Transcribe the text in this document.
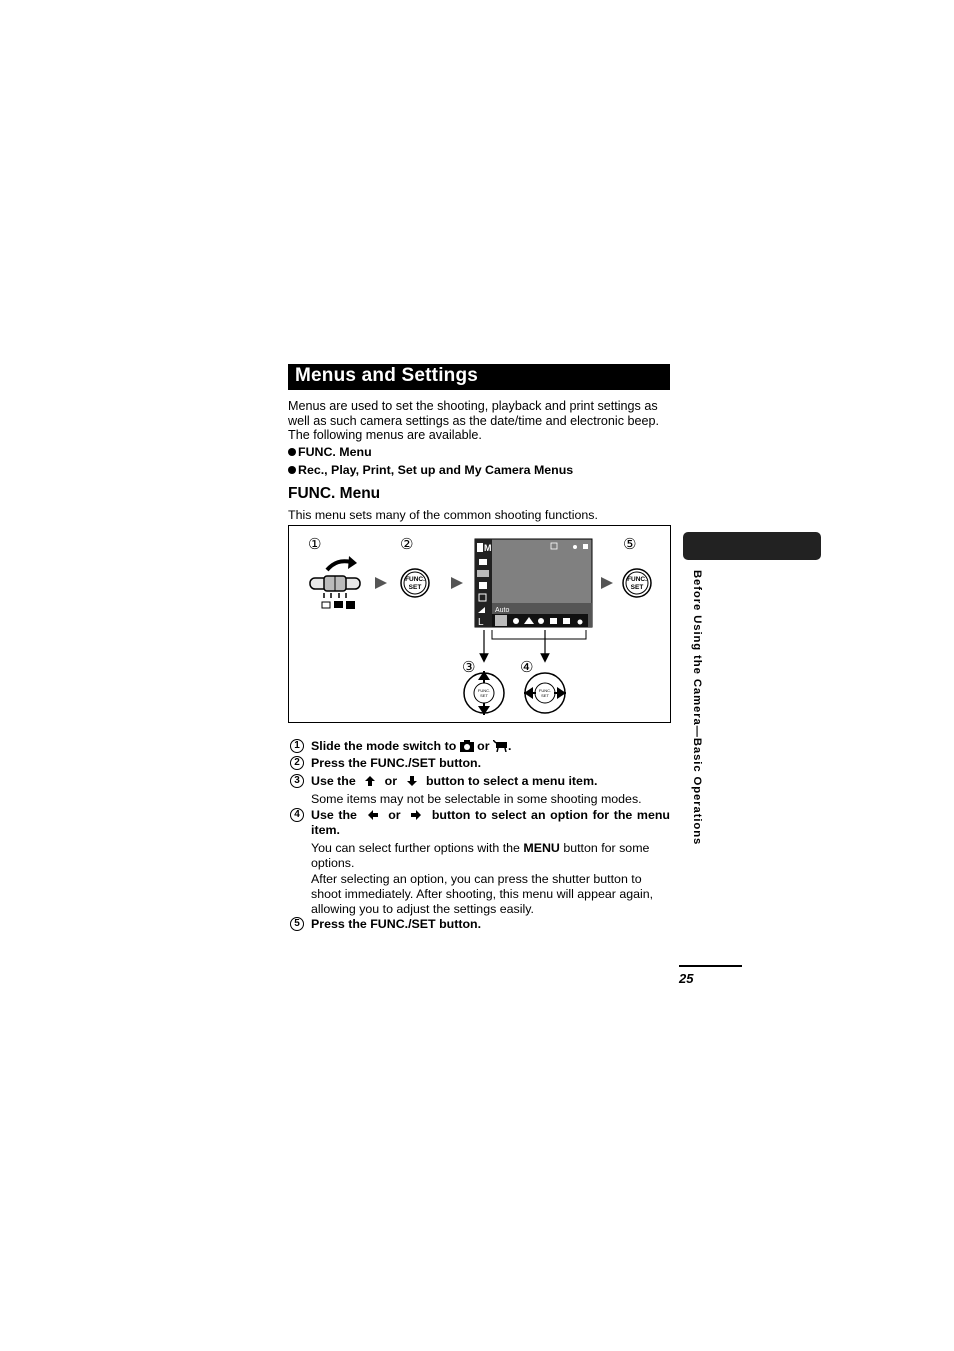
Menus and Settings
Menus are used to set the shooting, playback and print settings as well as such camera settings as the date/time and electronic beep. The following menus are available.
FUNC. Menu
Rec., Play, Print, Set up and My Camera Menus
FUNC. Menu
This menu sets many of the common shooting functions.
①	②	⑤
③	④
FUNC.
SET
FUNC.
SET
M
L
Auto
FUNC.
SET
FUNC.
SET	Before Using the Camera—Basic Operations
1 Slide the mode switch to or .
2 Press the FUNC./SET button.
3 Use the or button to select a menu item.
Some items may not be selectable in some shooting modes.
4 Use the	or	button to select an option for the menu item.
You can select further options with the MENU button for some options.
After selecting an option, you can press the shutter button to shoot immediately. After shooting, this menu will appear again, allowing you to adjust the settings easily.
5 Press the FUNC./SET button.
25
